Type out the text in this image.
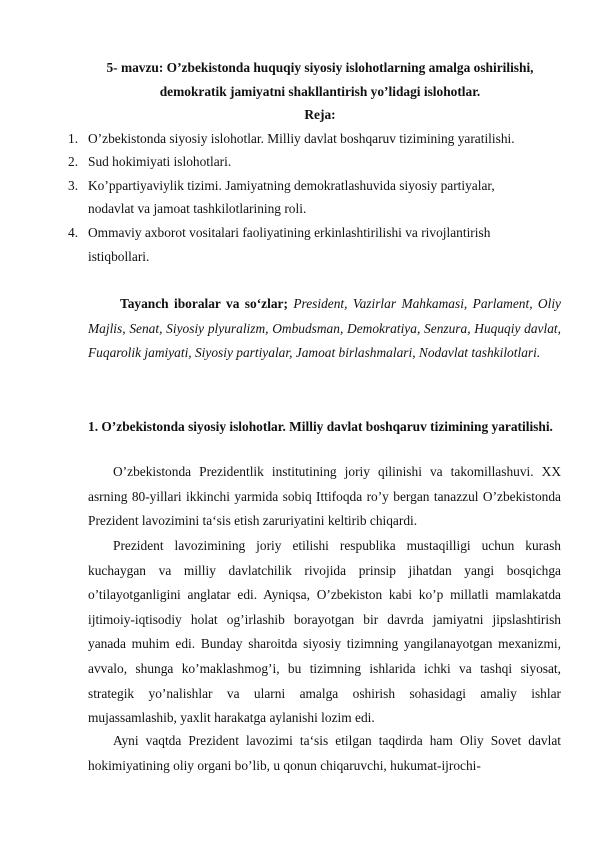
5- mavzu: O’zbekistonda huquqiy siyosiy islohotlarning amalga oshirilishi,
demokratik jamiyatni shakllantirish yo’lidagi islohotlar.
Reja:
1. O’zbekistonda siyosiy islohotlar. Milliy davlat boshqaruv tizimining yaratilishi.
2. Sud hokimiyati islohotlari.
3. Ko’ppartiyaviylik tizimi. Jamiyatning demokratlashuvida siyosiy partiyalar,
nodavlat va jamoat tashkilotlarining roli.
4. Ommaviy axborot vositalari faoliyatining erkinlashtirilishi va rivojlantirish
istiqbollari.
Tayanch iboralar va so‘zlar; President, Vazirlar Mahkamasi, Parlament, Oliy Majlis, Senat, Siyosiy plyuralizm, Ombudsman, Demokratiya, Senzura, Huquqiy davlat, Fuqarolik jamiyati, Siyosiy partiyalar, Jamoat birlashmalari, Nodavlat tashkilotlari.
1. O’zbekistonda siyosiy islohotlar. Milliy davlat boshqaruv tizimining yaratilishi.
O’zbekistonda Prezidentlik institutining joriy qilinishi va takomillashuvi. XX asrning 80-yillari ikkinchi yarmida sobiq Ittifoqda ro’y bergan tanazzul O’zbekistonda Prezident lavozimini ta‘sis etish zaruriyatini keltirib chiqardi.
Prezident lavozimining joriy etilishi respublika mustaqilligi uchun kurash kuchaygan va milliy davlatchilik rivojida prinsip jihatdan yangi bosqichga o’tilayotganligini anglatar edi. Ayniqsa, O’zbekiston kabi ko’p millatli mamlakatda ijtimoiy-iqtisodiy holat og’irlashib borayotgan bir davrda jamiyatni jipslashtirish yanada muhim edi. Bunday sharoitda siyosiy tizimning yangilanayotgan mexanizmi, avvalo, shunga ko’maklashmog’i, bu tizimning ishlarida ichki va tashqi siyosat, strategik yo’nalishlar va ularni amalga oshirish sohasidagi amaliy ishlar mujassamlashib, yaxlit harakatga aylanishi lozim edi.
Ayni vaqtda Prezident lavozimi ta‘sis etilgan taqdirda ham Oliy Sovet davlat hokimiyatining oliy organi bo’lib, u qonun chiqaruvchi, hukumat-ijrochi-
